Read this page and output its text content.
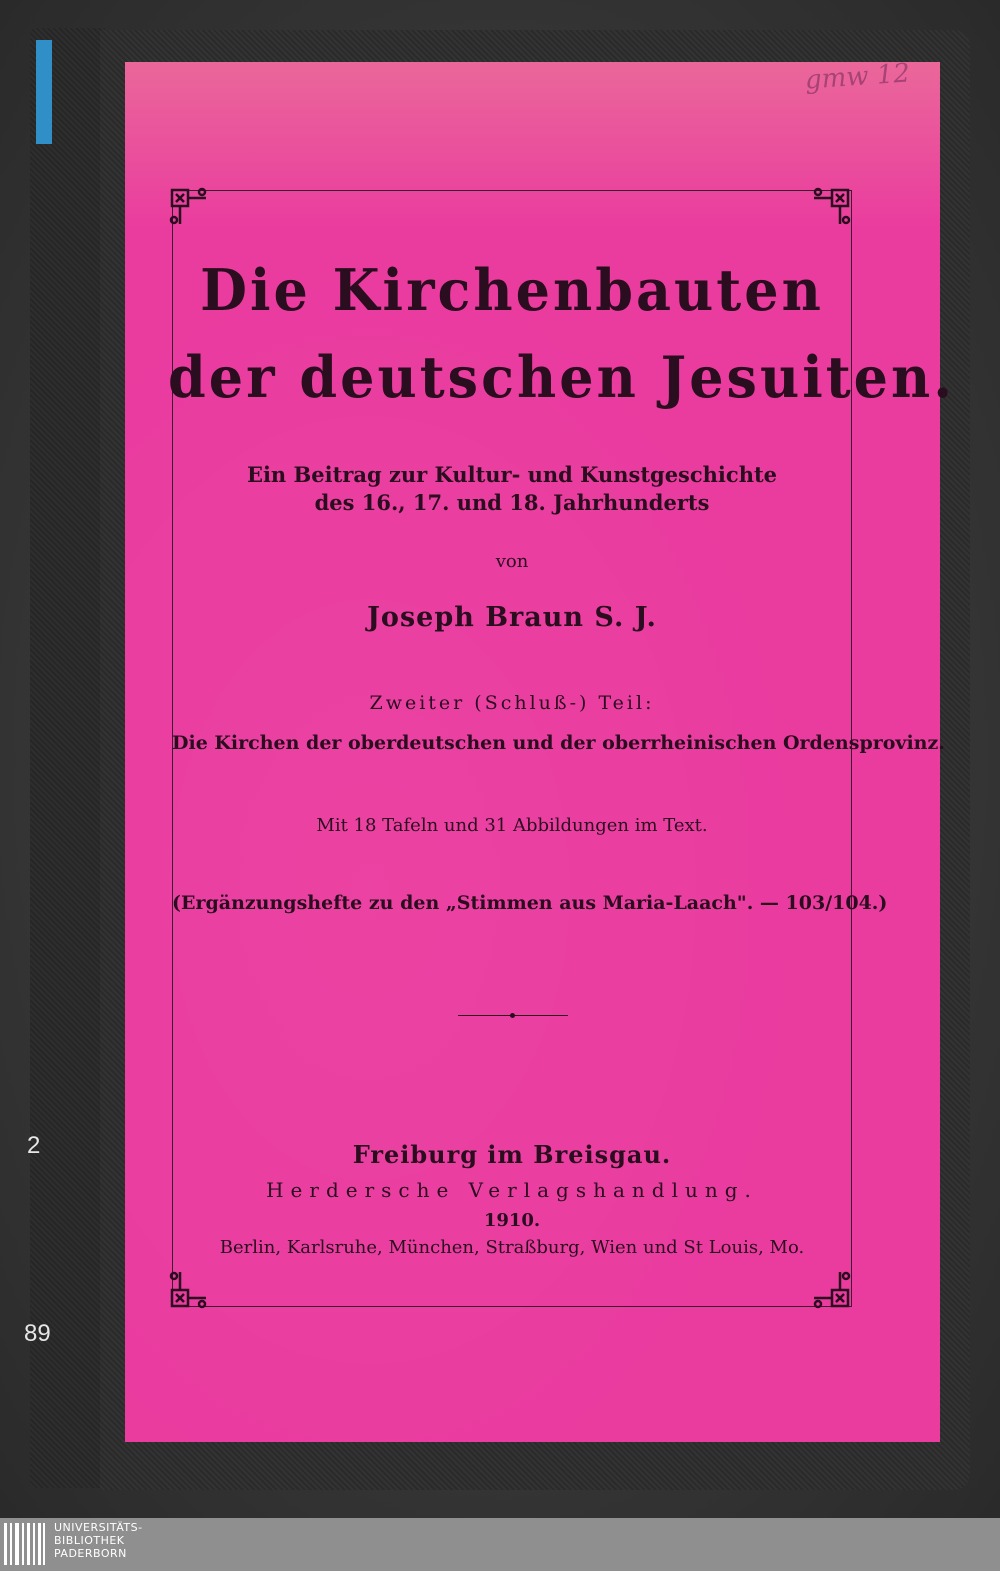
2
89
gmw 12
Die Kirchenbauten
der deutschen Jesuiten.
Ein Beitrag zur Kultur- und Kunstgeschichte
des 16., 17. und 18. Jahrhunderts
von
Joseph Braun S. J.
Zweiter (Schluß-) Teil:
Die Kirchen der oberdeutschen und der oberrheinischen Ordensprovinz.
Mit 18 Tafeln und 31 Abbildungen im Text.
(Ergänzungshefte zu den „Stimmen aus Maria-Laach". — 103/104.)
Freiburg im Breisgau.
Herdersche Verlagshandlung.
1910.
Berlin, Karlsruhe, München, Straßburg, Wien und St Louis, Mo.
UNIVERSITÄTS-
BIBLIOTHEK
PADERBORN
